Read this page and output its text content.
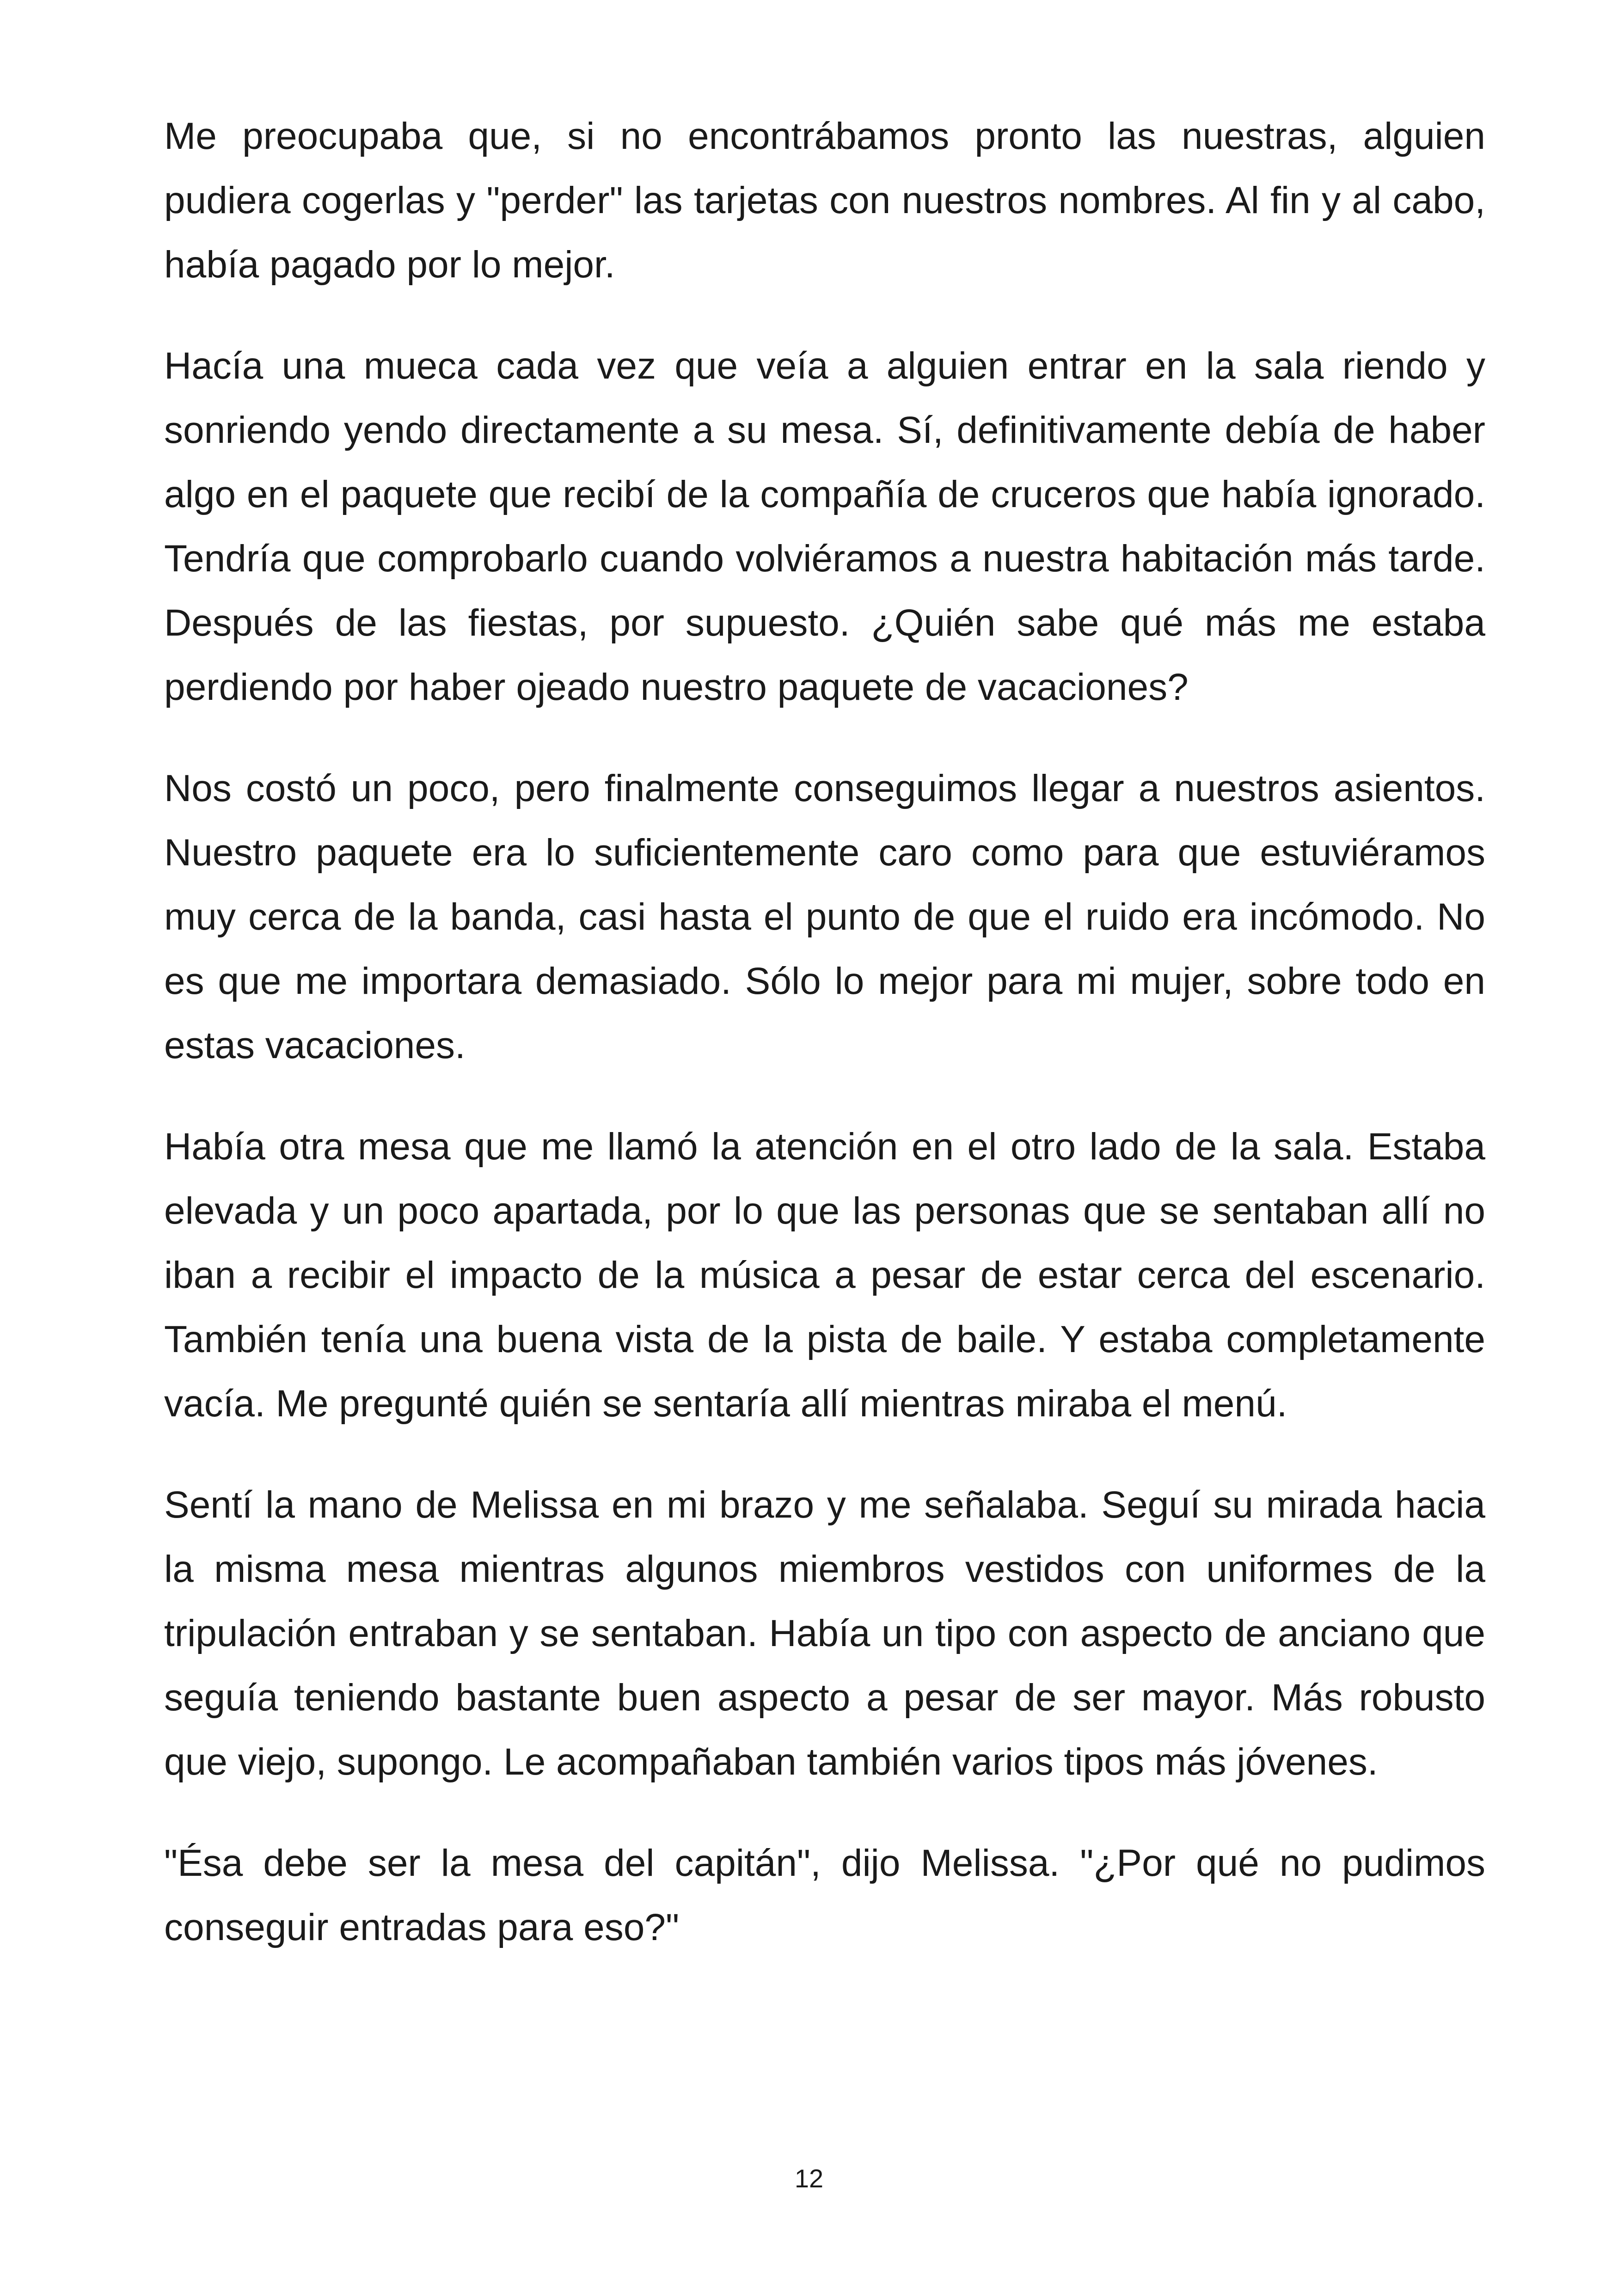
Me preocupaba que, si no encontrábamos pronto las nuestras, alguien pudiera cogerlas y "perder" las tarjetas con nuestros nombres. Al fin y al cabo, había pagado por lo mejor.

Hacía una mueca cada vez que veía a alguien entrar en la sala riendo y sonriendo yendo directamente a su mesa. Sí, definitivamente debía de haber algo en el paquete que recibí de la compañía de cruceros que había ignorado. Tendría que comprobarlo cuando volviéramos a nuestra habitación más tarde. Después de las fiestas, por supuesto. ¿Quién sabe qué más me estaba perdiendo por haber ojeado nuestro paquete de vacaciones?

Nos costó un poco, pero finalmente conseguimos llegar a nuestros asientos. Nuestro paquete era lo suficientemente caro como para que estuviéramos muy cerca de la banda, casi hasta el punto de que el ruido era incómodo. No es que me importara demasiado. Sólo lo mejor para mi mujer, sobre todo en estas vacaciones.

Había otra mesa que me llamó la atención en el otro lado de la sala. Estaba elevada y un poco apartada, por lo que las personas que se sentaban allí no iban a recibir el impacto de la música a pesar de estar cerca del escenario. También tenía una buena vista de la pista de baile. Y estaba completamente vacía. Me pregunté quién se sentaría allí mientras miraba el menú.

Sentí la mano de Melissa en mi brazo y me señalaba. Seguí su mirada hacia la misma mesa mientras algunos miembros vestidos con uniformes de la tripulación entraban y se sentaban. Había un tipo con aspecto de anciano que seguía teniendo bastante buen aspecto a pesar de ser mayor. Más robusto que viejo, supongo. Le acompañaban también varios tipos más jóvenes.

"Ésa debe ser la mesa del capitán", dijo Melissa. "¿Por qué no pudimos conseguir entradas para eso?"

12
